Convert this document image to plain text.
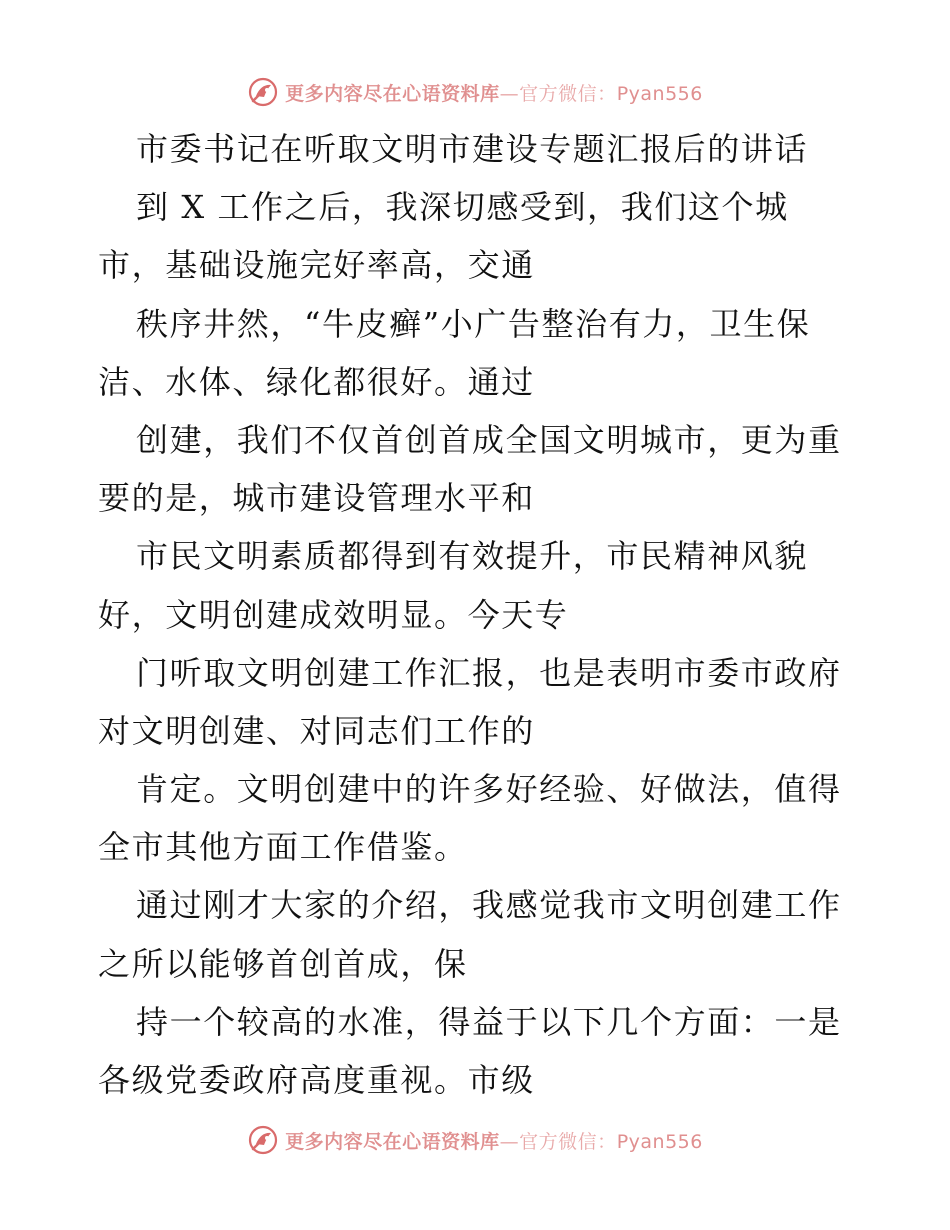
更多内容尽在心语资料库—官方微信：Pyan556
市委书记在听取文明市建设专题汇报后的讲话
到 X 工作之后，我深切感受到，我们这个城
市，基础设施完好率高，交通
秩序井然，“牛皮癣”小广告整治有力，卫生保
洁、水体、绿化都很好。通过
创建，我们不仅首创首成全国文明城市，更为重
要的是，城市建设管理水平和
市民文明素质都得到有效提升，市民精神风貌
好，文明创建成效明显。今天专
门听取文明创建工作汇报，也是表明市委市政府
对文明创建、对同志们工作的
肯定。文明创建中的许多好经验、好做法，值得
全市其他方面工作借鉴。
通过刚才大家的介绍，我感觉我市文明创建工作
之所以能够首创首成，保
持一个较高的水准，得益于以下几个方面：一是
各级党委政府高度重视。市级
更多内容尽在心语资料库—官方微信：Pyan556
